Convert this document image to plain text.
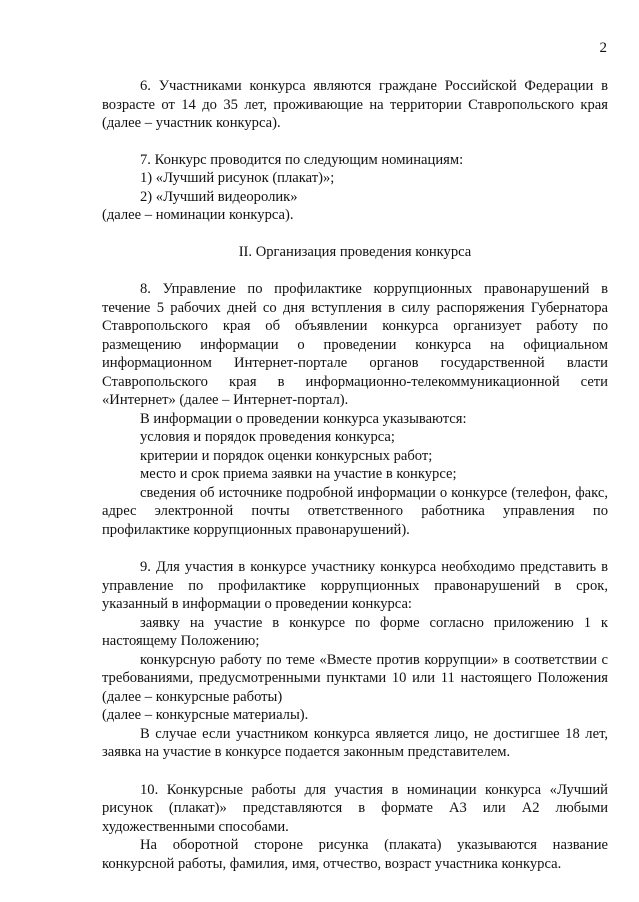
2

6. Участниками конкурса являются граждане Российской Федерации в возрасте от 14 до 35 лет, проживающие на территории Ставропольского края (далее – участник конкурса).

7. Конкурс проводится по следующим номинациям:

1) «Лучший рисунок (плакат)»;

2) «Лучший видеоролик»

(далее – номинации конкурса).

II. Организация проведения конкурса

8. Управление по профилактике коррупционных правонарушений в течение 5 рабочих дней со дня вступления в силу распоряжения Губернатора Ставропольского края об объявлении конкурса организует работу по размещению информации о проведении конкурса на официальном информационном Интернет-портале органов государственной власти Ставропольского края в информационно-телекоммуникационной сети «Интернет» (далее – Интернет-портал).

В информации о проведении конкурса указываются:

условия и порядок проведения конкурса;

критерии и порядок оценки конкурсных работ;

место и срок приема заявки на участие в конкурсе;

сведения об источнике подробной информации о конкурсе (телефон, факс, адрес электронной почты ответственного работника управления по профилактике коррупционных правонарушений).

9. Для участия в конкурсе участнику конкурса необходимо представить в управление по профилактике коррупционных правонарушений в срок, указанный в информации о проведении конкурса:

заявку на участие в конкурсе по форме согласно приложению 1 к настоящему Положению;

конкурсную работу по теме «Вместе против коррупции» в соответствии с требованиями, предусмотренными пунктами 10 или 11 настоящего Положения (далее – конкурсные работы)

(далее – конкурсные материалы).

В случае если участником конкурса является лицо, не достигшее 18 лет, заявка на участие в конкурсе подается законным представителем.

10. Конкурсные работы для участия в номинации конкурса «Лучший рисунок (плакат)» представляются в формате А3 или А2 любыми художественными способами.

На оборотной стороне рисунка (плаката) указываются название конкурсной работы, фамилия, имя, отчество, возраст участника конкурса.
